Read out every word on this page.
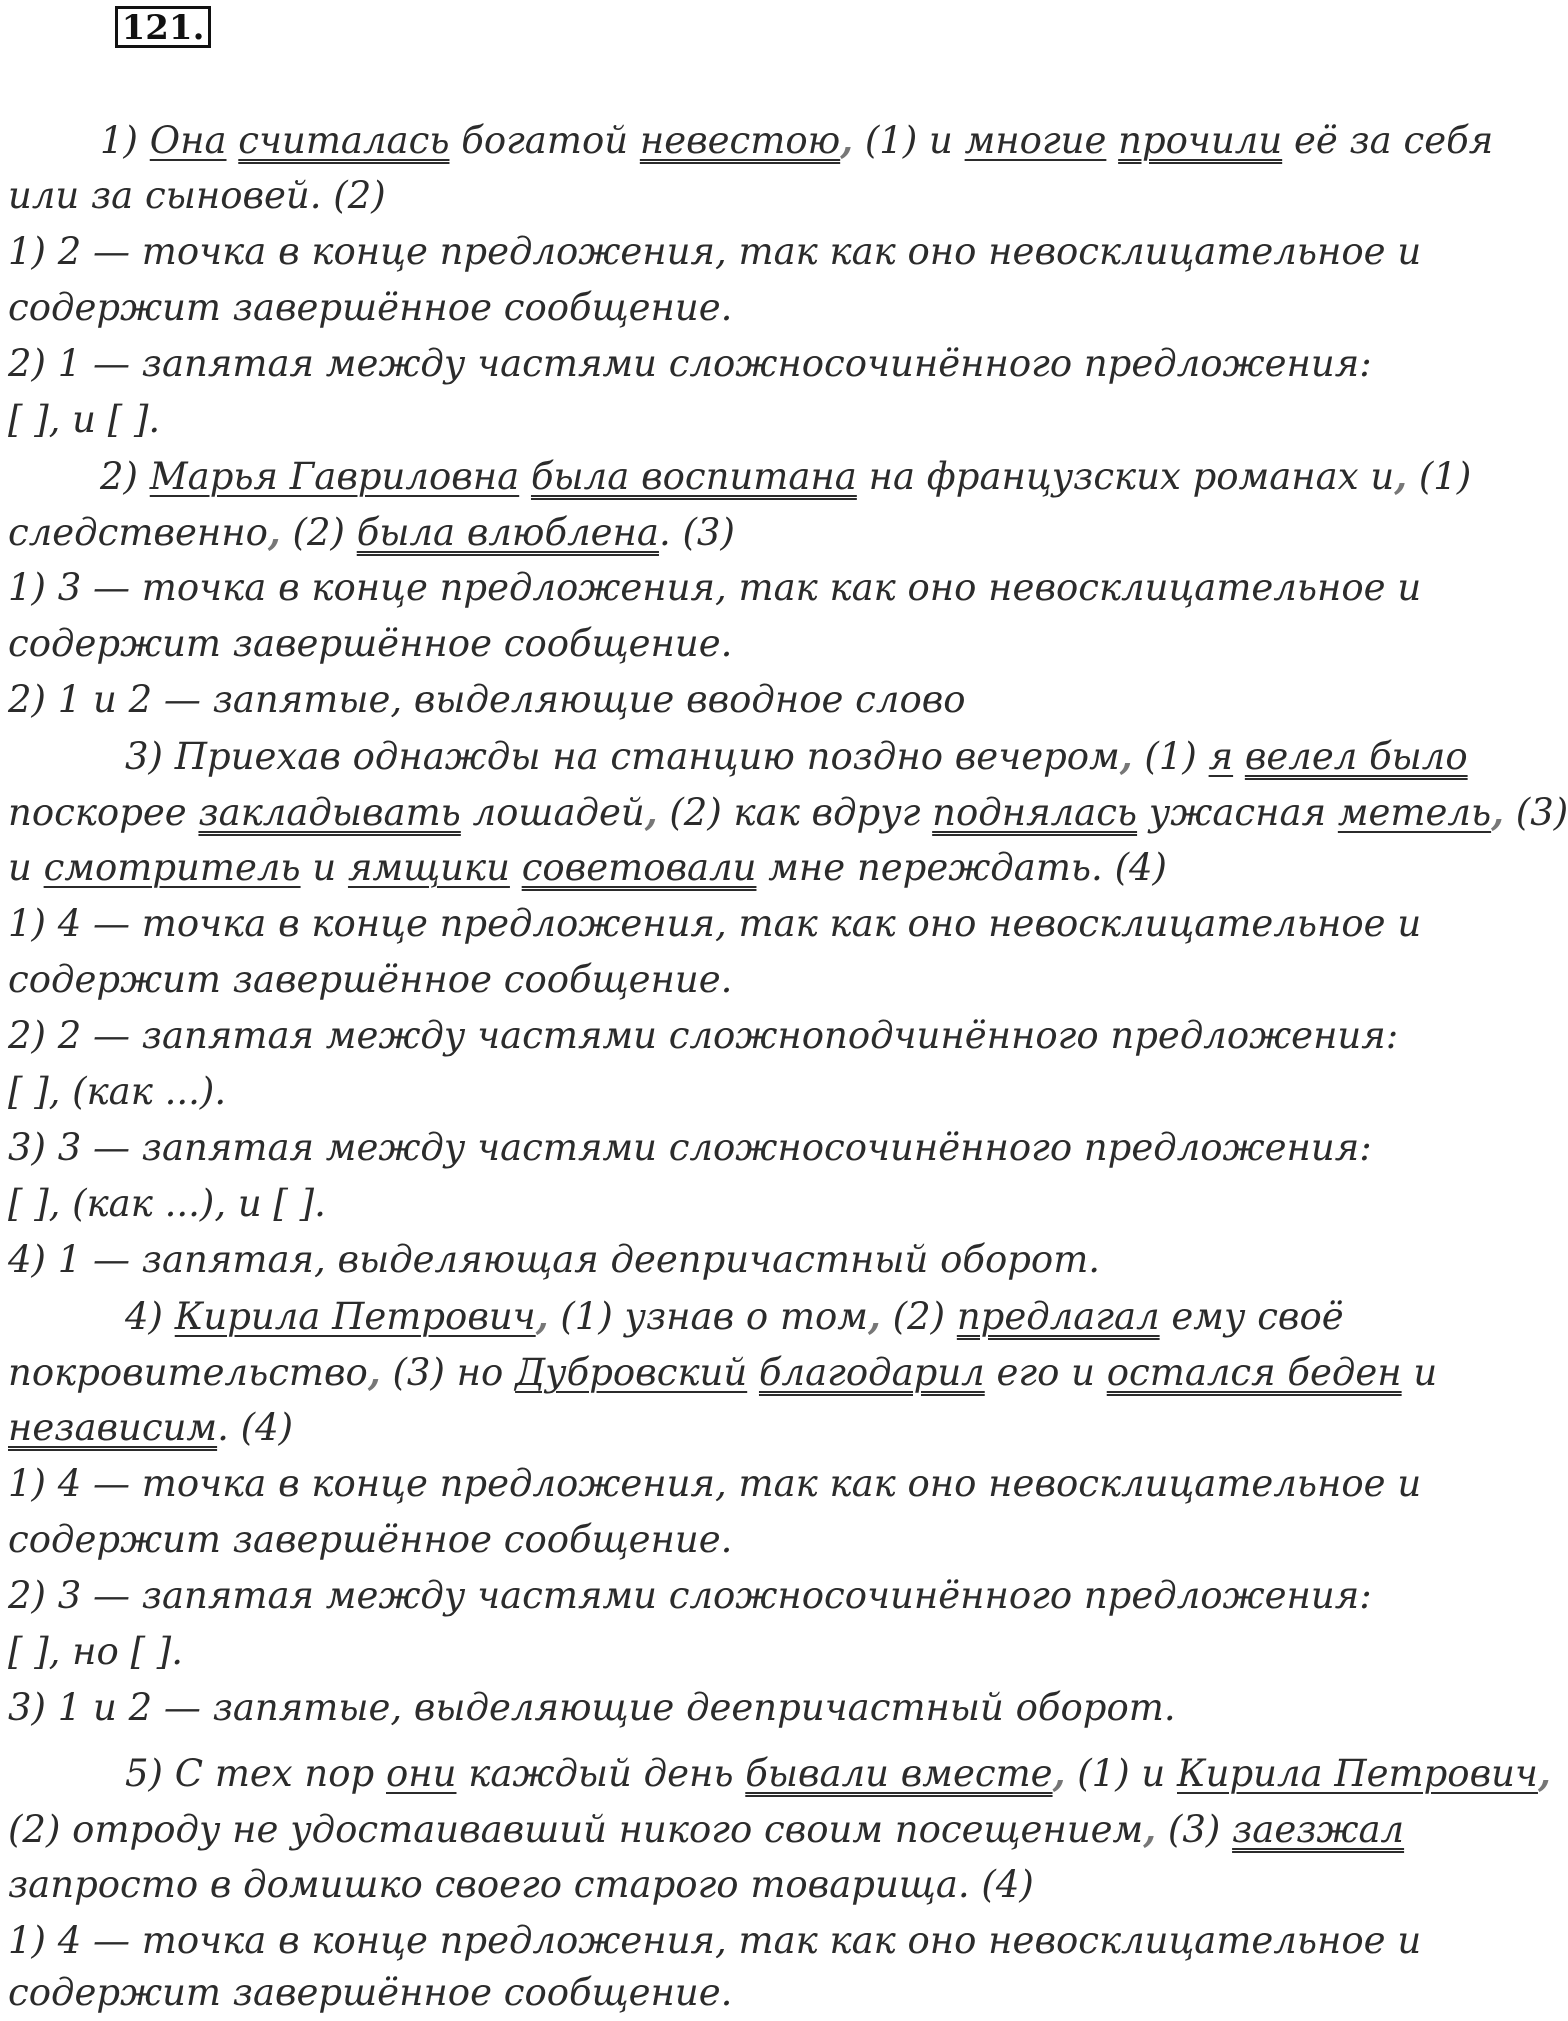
121.
1) Она считалась богатой невестою, (1) и многие прочили её за себя
или за сыновей. (2)
1) 2 — точка в конце предложения, так как оно невосклицательное и
содержит завершённое сообщение.
2) 1 — запятая между частями сложносочинённого предложения:
[ ], и [ ].
2) Марья Гавриловна была воспитана на французских романах и, (1)
следственно, (2) была влюблена. (3)
1) 3 — точка в конце предложения, так как оно невосклицательное и
содержит завершённое сообщение.
2) 1 и 2 — запятые, выделяющие вводное слово
3) Приехав однажды на станцию поздно вечером, (1) я велел было
поскорее закладывать лошадей, (2) как вдруг поднялась ужасная метель, (3)
и смотритель и ямщики советовали мне переждать. (4)
1) 4 — точка в конце предложения, так как оно невосклицательное и
содержит завершённое сообщение.
2) 2 — запятая между частями сложноподчинённого предложения:
[ ], (как ...).
3) 3 — запятая между частями сложносочинённого предложения:
[ ], (как ...), и [ ].
4) 1 — запятая, выделяющая деепричастный оборот.
4) Кирила Петрович, (1) узнав о том, (2) предлагал ему своё
покровительство, (3) но Дубровский благодарил его и остался беден и
независим. (4)
1) 4 — точка в конце предложения, так как оно невосклицательное и
содержит завершённое сообщение.
2) 3 — запятая между частями сложносочинённого предложения:
[ ], но [ ].
3) 1 и 2 — запятые, выделяющие деепричастный оборот.
5) С тех пор они каждый день бывали вместе, (1) и Кирила Петрович,
(2) отроду не удостаивавший никого своим посещением, (3) заезжал
запросто в домишко своего старого товарища. (4)
1) 4 — точка в конце предложения, так как оно невосклицательное и
содержит завершённое сообщение.
